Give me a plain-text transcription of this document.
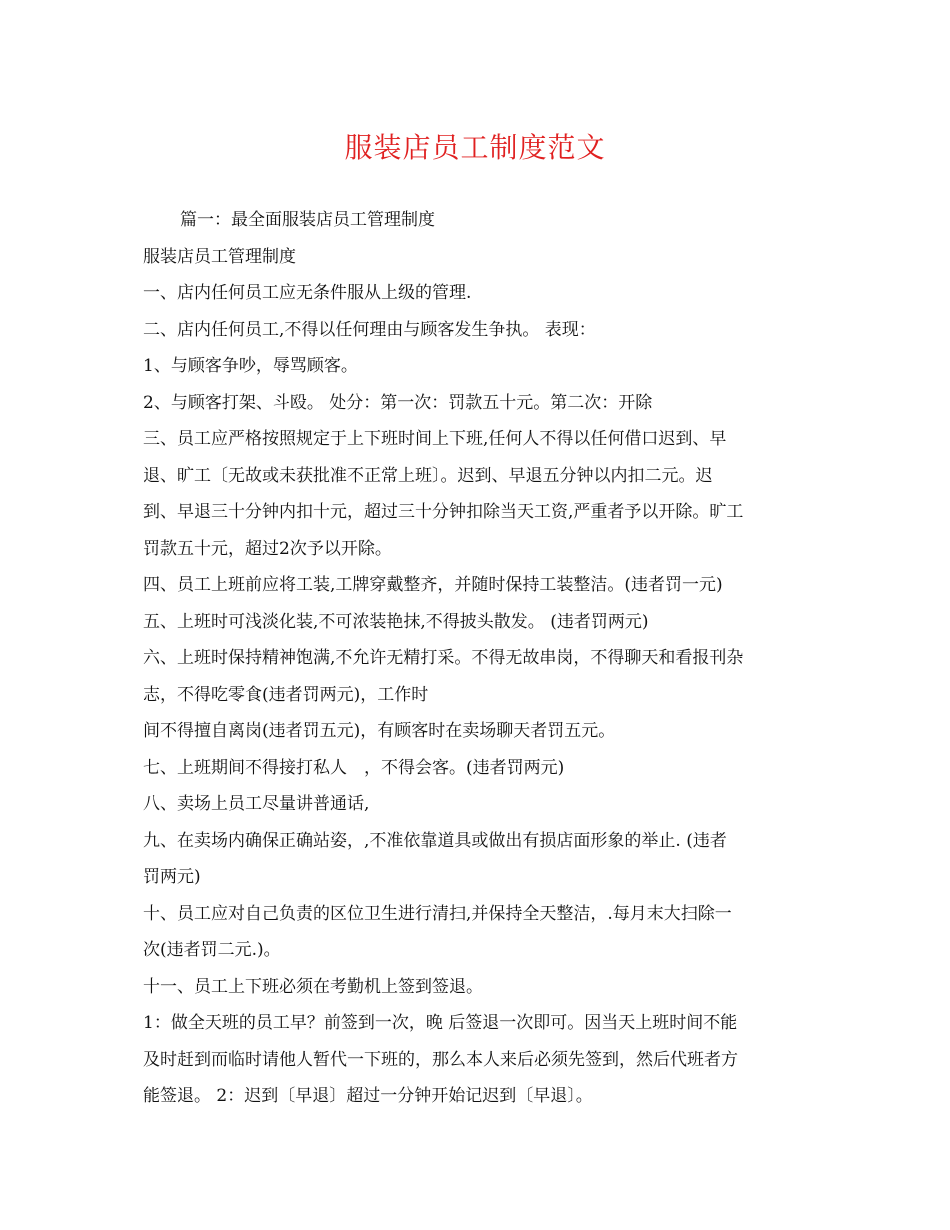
服装店员工制度范文
篇一：最全面服装店员工管理制度
服装店员工管理制度
一、店内任何员工应无条件服从上级的管理.
二、店内任何员工,不得以任何理由与顾客发生争执。 表现：
1、与顾客争吵，辱骂顾客。
2、与顾客打架、斗殴。 处分：第一次：罚款五十元。第二次：开除
三、员工应严格按照规定于上下班时间上下班,任何人不得以任何借口迟到、早
退、旷工〔无故或未获批准不正常上班〕。迟到、早退五分钟以内扣二元。迟
到、早退三十分钟内扣十元，超过三十分钟扣除当天工资,严重者予以开除。旷工
罚款五十元，超过2次予以开除。
四、员工上班前应将工装,工牌穿戴整齐，并随时保持工装整洁。(违者罚一元)
五、上班时可浅淡化装,不可浓装艳抹,不得披头散发。 (违者罚两元)
六、上班时保持精神饱满,不允许无精打采。不得无故串岗，不得聊天和看报刊杂
志，不得吃零食(违者罚两元)，工作时
间不得擅自离岗(违者罚五元)，有顾客时在卖场聊天者罚五元。
七、上班期间不得接打私人　，不得会客。(违者罚两元)
八、卖场上员工尽量讲普通话,
九、在卖场内确保正确站姿，,不准依靠道具或做出有损店面形象的举止. (违者
罚两元)
十、员工应对自己负责的区位卫生进行清扫,并保持全天整洁，.每月末大扫除一
次(违者罚二元.)。
十一、员工上下班必须在考勤机上签到签退。
1：做全天班的员工早？前签到一次，晚 后签退一次即可。因当天上班时间不能
及时赶到而临时请他人暂代一下班的，那么本人来后必须先签到，然后代班者方
能签退。 2：迟到〔早退〕超过一分钟开始记迟到〔早退〕。
